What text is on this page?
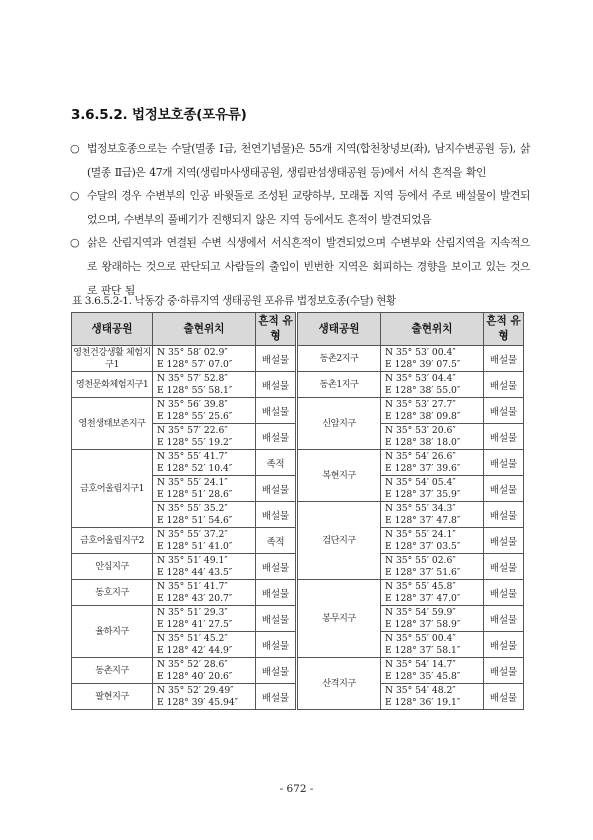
3.6.5.2. 법정보호종(포유류)
○ 법정보호종으로는 수달(멸종 Ⅰ급, 천연기념물)은 55개 지역(합천창녕보(좌), 남지수변공원 등), 삵(멸종 Ⅱ급)은 47개 지역(생림마사생태공원, 생림판섬생태공원 등)에서 서식 흔적을 확인
○ 수달의 경우 수변부의 인공 바윗돌로 조성된 교량하부, 모래톱 지역 등에서 주로 배설물이 발견되었으며, 수변부의 풀베기가 진행되지 않은 지역 등에서도 흔적이 발견되었음
○ 삵은 산림지역과 연결된 수변 식생에서 서식흔적이 발견되었으며 수변부와 산림지역을 지속적으로 왕래하는 것으로 판단되고 사람들의 출입이 빈번한 지역은 회피하는 경향을 보이고 있는 것으로 판단 됨
표 3.6.5.2-1. 낙동강 중·하류지역 생태공원 포유류 법정보호종(수달) 현황
생태공원	출현위치	흔적 유형	생태공원	출현위치	흔적 유형
영천건강생활 체험지구1	N 35° 58′ 02.9″
E 128° 57′ 07.0″	배설물	동촌2지구	N 35° 53′ 00.4″
E 128° 39′ 07.5″	배설물
영천문화체험지구1	N 35° 57′ 52.8″
E 128° 55′ 58.1″	배설물	동촌1지구	N 35° 53′ 04.4″
E 128° 38′ 55.0″	배설물
영천생태보존지구	N 35° 56′ 39.8″
E 128° 55′ 25.6″	배설물	신암지구	N 35° 53′ 27.7″
E 128° 38′ 09.8″	배설물

	N 35° 57′ 22.6″
E 128° 55′ 19.2″	배설물		N 35° 53′ 20.6″
E 128° 38′ 18.0″	배설물
금호어울림지구1	N 35° 55′ 41.7″
E 128° 52′ 10.4″	족적	복현지구	N 35° 54′ 26.6″
E 128° 37′ 39.6″	배설물

	N 35° 55′ 24.1″
E 128° 51′ 28.6″	배설물		N 35° 54′ 05.4″
E 128° 37′ 35.9″	배설물

	N 35° 55′ 35.2″
E 128° 51′ 54.6″	배설물	검단지구	N 35° 55′ 34.3″
E 128° 37′ 47.8″	배설물
금호어울림지구2	N 35° 55′ 37.2″
E 128° 51′ 41.0″	족적		N 35° 55′ 24.1″
E 128° 37′ 03.5″	배설물
안심지구	N 35° 51′ 49.1″
E 128° 44′ 43.5″	배설물		N 35° 55′ 02.6″
E 128° 37′ 51.6″	배설물
동호지구	N 35° 51′ 41.7″
E 128° 43′ 20.7″	배설물	봉무지구	N 35° 55′ 45.8″
E 128° 37′ 47.0″	배설물
율하지구	N 35° 51′ 29.3″
E 128° 41′ 27.5″	배설물		N 35° 54′ 59.9″
E 128° 37′ 58.9″	배설물

	N 35° 51′ 45.2″
E 128° 42′ 44.9″	배설물		N 35° 55′ 00.4″
E 128° 37′ 58.1″	배설물
동촌지구	N 35° 52′ 28.6″
E 128° 40′ 20.6″	배설물	산격지구	N 35° 54′ 14.7″
E 128° 35′ 45.8″	배설물
팔현지구	N 35° 52′ 29.49″
E 128° 39′ 45.94″	배설물		N 35° 54′ 48.2″
E 128° 36′ 19.1″	배설물
- 672 -
